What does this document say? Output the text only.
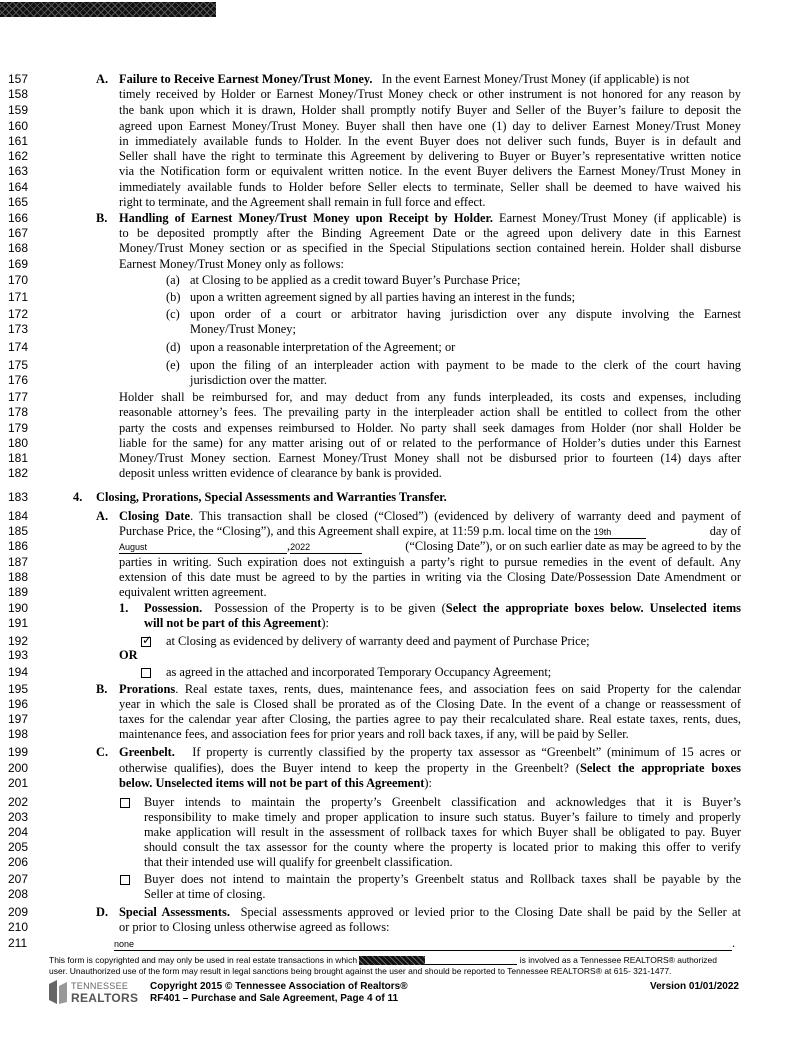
157
158
159
160
161
162
163
164
165
166
167
168
169
170
171
172
173
174
175
176
177
178
179
180
181
182
183
184
185
186
187
188
189
190
191
192
193
194
195
196
197
198
199
200
201
202
203
204
205
206
207
208
209
210
211
A. Failure to Receive Earnest Money/Trust Money. In the event Earnest Money/Trust Money (if applicable) is not
timely received by Holder or Earnest Money/Trust Money check or other instrument is not honored for any reason by
the bank upon which it is drawn, Holder shall promptly notify Buyer and Seller of the Buyer’s failure to deposit the
agreed upon Earnest Money/Trust Money. Buyer shall then have one (1) day to deliver Earnest Money/Trust Money
in immediately available funds to Holder. In the event Buyer does not deliver such funds, Buyer is in default and
Seller shall have the right to terminate this Agreement by delivering to Buyer or Buyer’s representative written notice
via the Notification form or equivalent written notice. In the event Buyer delivers the Earnest Money/Trust Money in
immediately available funds to Holder before Seller elects to terminate, Seller shall be deemed to have waived his
right to terminate, and the Agreement shall remain in full force and effect.
B. Handling of Earnest Money/Trust Money upon Receipt by Holder. Earnest Money/Trust Money (if applicable) is
to be deposited promptly after the Binding Agreement Date or the agreed upon delivery date in this Earnest
Money/Trust Money section or as specified in the Special Stipulations section contained herein. Holder shall disburse
Earnest Money/Trust Money only as follows:
(a) at Closing to be applied as a credit toward Buyer’s Purchase Price;
(b) upon a written agreement signed by all parties having an interest in the funds;
(c) upon order of a court or arbitrator having jurisdiction over any dispute involving the Earnest
Money/Trust Money;
(d) upon a reasonable interpretation of the Agreement; or
(e) upon the filing of an interpleader action with payment to be made to the clerk of the court having
jurisdiction over the matter.
Holder shall be reimbursed for, and may deduct from any funds interpleaded, its costs and expenses, including
reasonable attorney’s fees. The prevailing party in the interpleader action shall be entitled to collect from the other
party the costs and expenses reimbursed to Holder. No party shall seek damages from Holder (nor shall Holder be
liable for the same) for any matter arising out of or related to the performance of Holder’s duties under this Earnest
Money/Trust Money section. Earnest Money/Trust Money shall not be disbursed prior to fourteen (14) days after
deposit unless written evidence of clearance by bank is provided.
4. Closing, Prorations, Special Assessments and Warranties Transfer.
A. Closing Date. This transaction shall be closed (“Closed”) (evidenced by delivery of warranty deed and payment of
Purchase Price, the “Closing”), and this Agreement shall expire, at 11:59 p.m. local time on the 19th	day of
August	,2022	(“Closing Date”), or on such earlier date as may be agreed to by the
parties in writing. Such expiration does not extinguish a party’s right to pursue remedies in the event of default. Any
extension of this date must be agreed to by the parties in writing via the Closing Date/Possession Date Amendment or
equivalent written agreement.
1. Possession. Possession of the Property is to be given (Select the appropriate boxes below. Unselected items
will not be part of this Agreement):
✓ at Closing as evidenced by delivery of warranty deed and payment of Purchase Price;
OR
as agreed in the attached and incorporated Temporary Occupancy Agreement;
B. Prorations. Real estate taxes, rents, dues, maintenance fees, and association fees on said Property for the calendar
year in which the sale is Closed shall be prorated as of the Closing Date. In the event of a change or reassessment of
taxes for the calendar year after Closing, the parties agree to pay their recalculated share. Real estate taxes, rents, dues,
maintenance fees, and association fees for prior years and roll back taxes, if any, will be paid by Seller.
C. Greenbelt. If property is currently classified by the property tax assessor as “Greenbelt” (minimum of 15 acres or
otherwise qualifies), does the Buyer intend to keep the property in the Greenbelt? (Select the appropriate boxes
below. Unselected items will not be part of this Agreement):
Buyer intends to maintain the property’s Greenbelt classification and acknowledges that it is Buyer’s
responsibility to make timely and proper application to insure such status. Buyer’s failure to timely and properly
make application will result in the assessment of rollback taxes for which Buyer shall be obligated to pay. Buyer
should consult the tax assessor for the county where the property is located prior to making this offer to verify
that their intended use will qualify for greenbelt classification.
Buyer does not intend to maintain the property’s Greenbelt status and Rollback taxes shall be payable by the
Seller at time of closing.
D. Special Assessments. Special assessments approved or levied prior to the Closing Date shall be paid by the Seller at
or prior to Closing unless otherwise agreed as follows:
none	.
This form is copyrighted and may only be used in real estate transactions in which	is involved as a Tennessee REALTORS® authorized
user. Unauthorized use of the form may result in legal sanctions being brought against the user and should be reported to Tennessee REALTORS® at 615- 321-1477.
TENNESSEE
REALTORS
Copyright 2015 © Tennessee Association of Realtors®
RF401 – Purchase and Sale Agreement, Page 4 of 11
Version 01/01/2022
